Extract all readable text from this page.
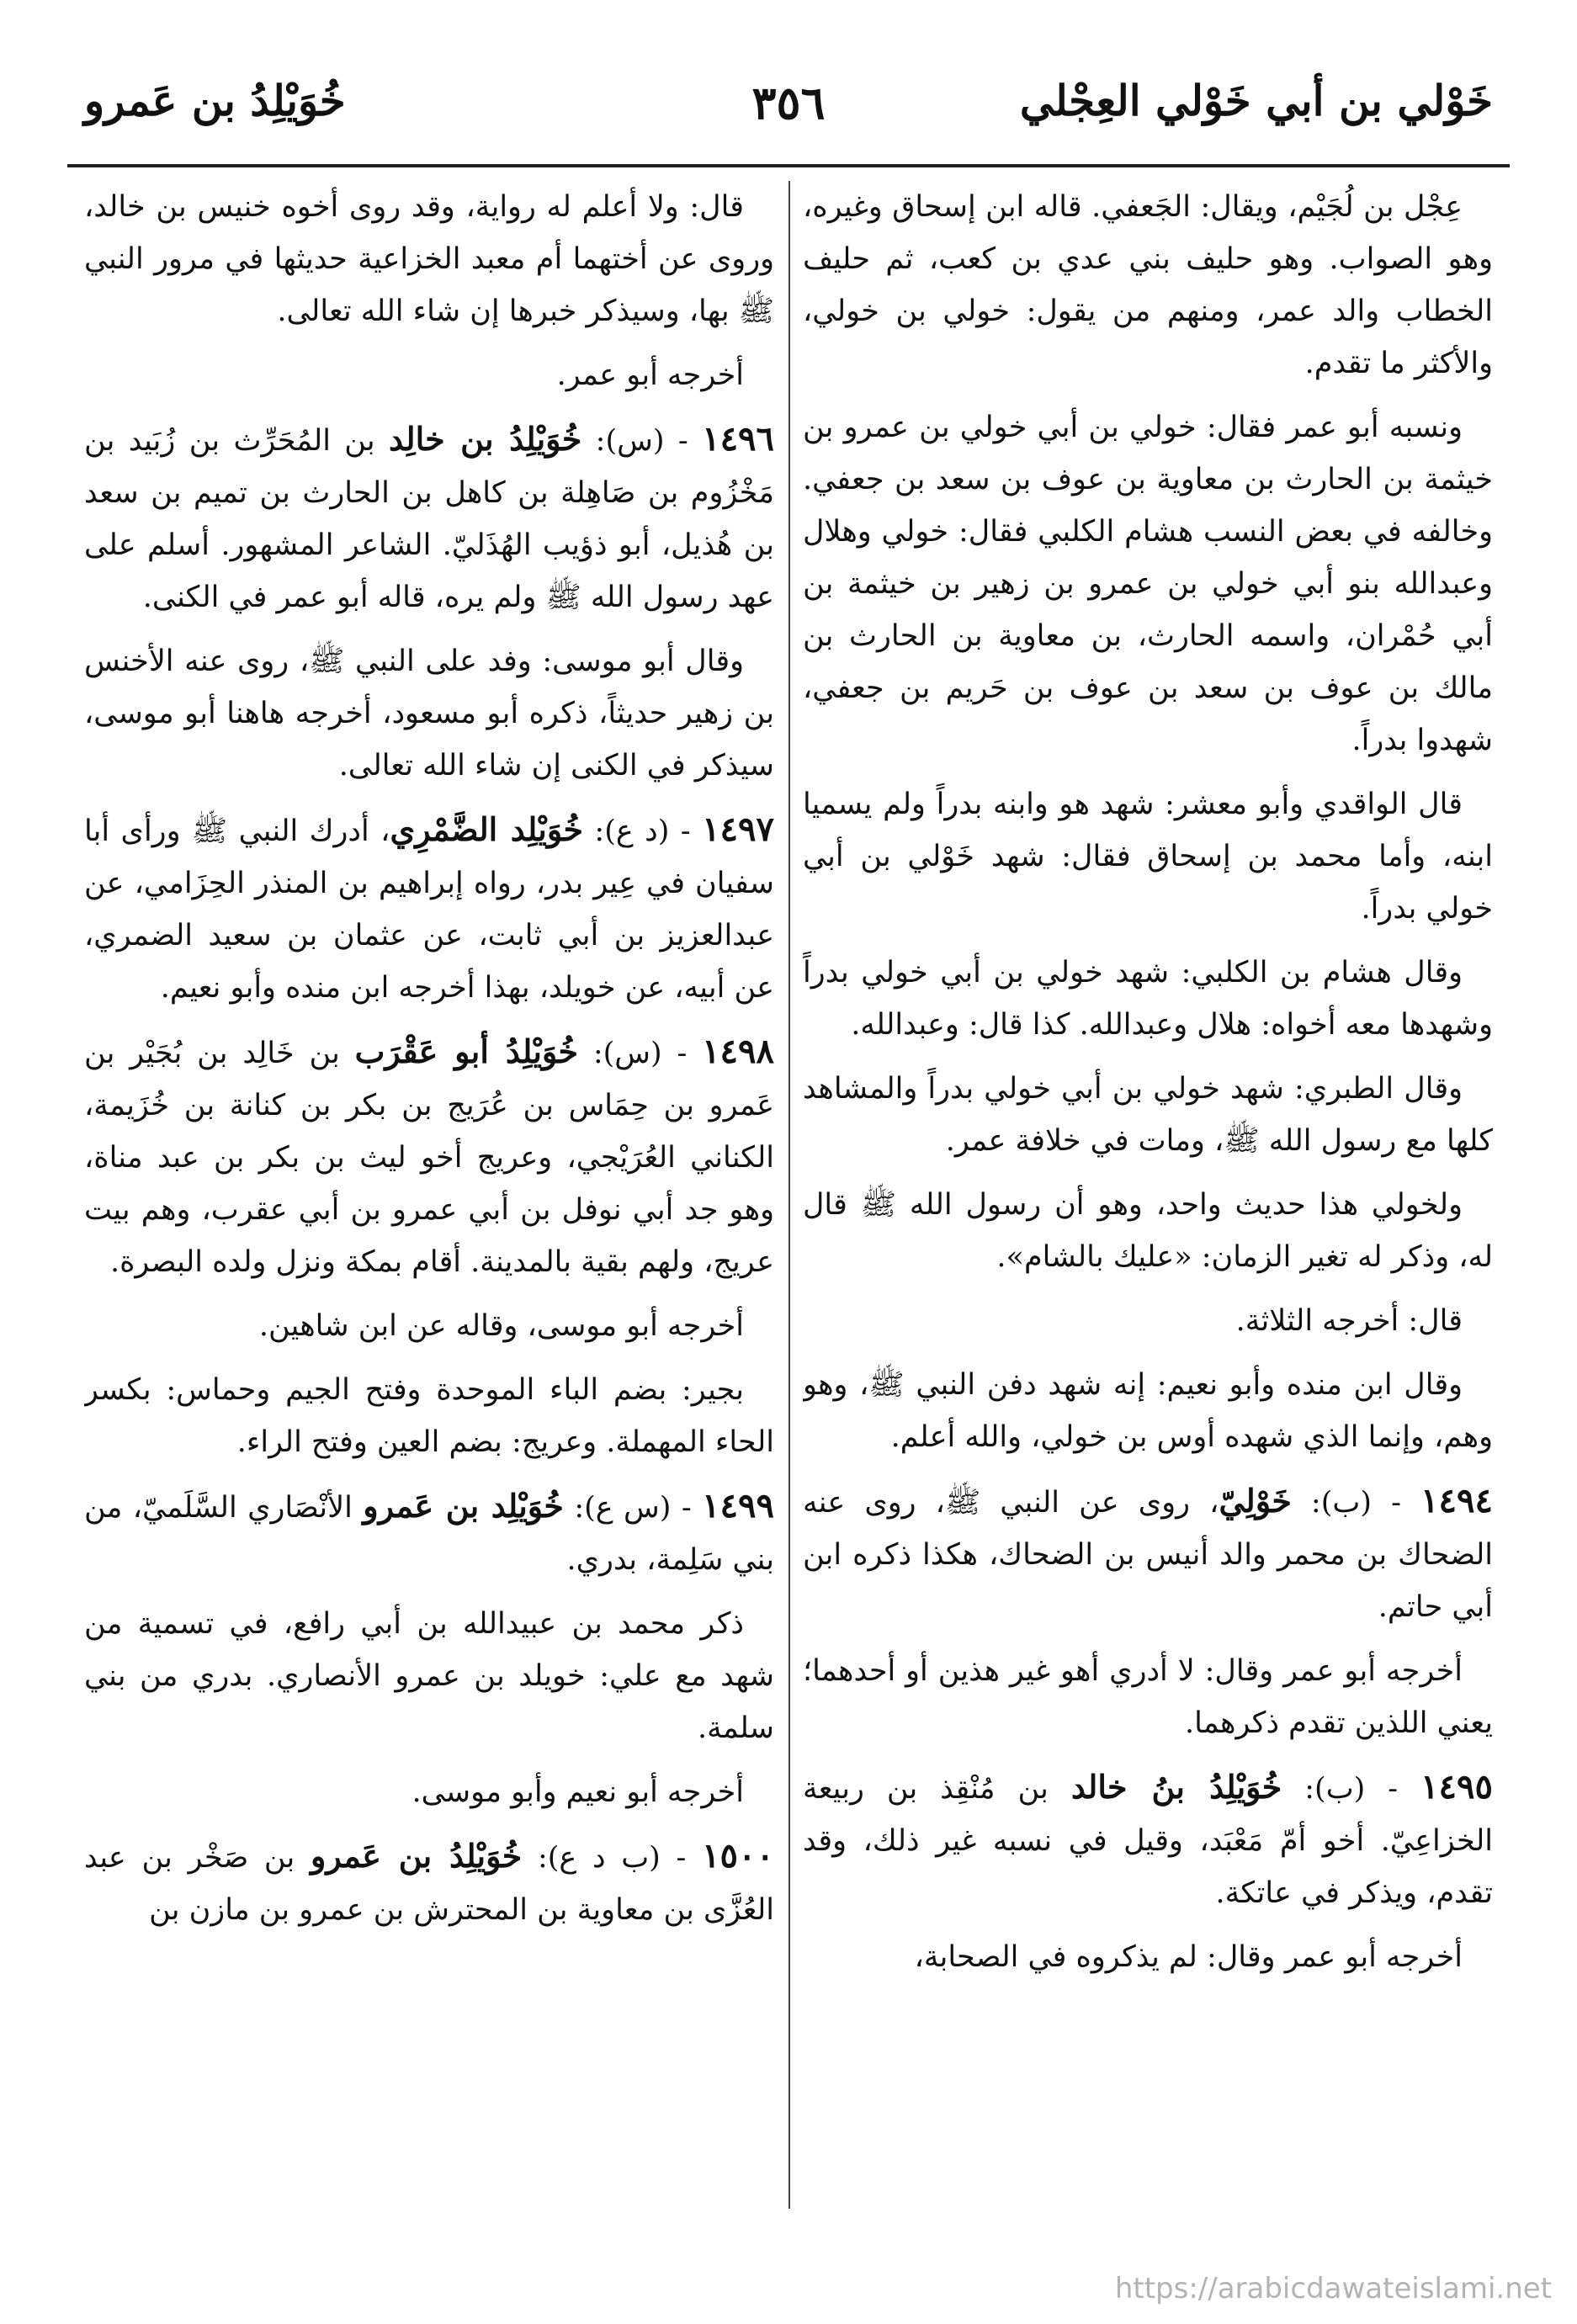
خُوَيْلِدُ بن عَمرو	٣٥٦	خَوْلي بن أبي خَوْلي العِجْلي

عِجْل بن لُجَيْم، ويقال: الجَعفي. قاله ابن إسحاق وغيره، وهو الصواب. وهو حليف بني عدي بن كعب، ثم حليف الخطاب والد عمر، ومنهم من يقول: خولي بن خولي، والأكثر ما تقدم.

ونسبه أبو عمر فقال: خولي بن أبي خولي بن عمرو بن خيثمة بن الحارث بن معاوية بن عوف بن سعد بن جعفي. وخالفه في بعض النسب هشام الكلبي فقال: خولي وهلال وعبدالله بنو أبي خولي بن عمرو بن زهير بن خيثمة بن أبي حُمْران، واسمه الحارث، بن معاوية بن الحارث بن مالك بن عوف بن سعد بن عوف بن حَريم بن جعفي، شهدوا بدراً.

قال الواقدي وأبو معشر: شهد هو وابنه بدراً ولم يسميا ابنه، وأما محمد بن إسحاق فقال: شهد خَوْلي بن أبي خولي بدراً.

وقال هشام بن الكلبي: شهد خولي بن أبي خولي بدراً وشهدها معه أخواه: هلال وعبدالله. كذا قال: وعبدالله.

وقال الطبري: شهد خولي بن أبي خولي بدراً والمشاهد كلها مع رسول الله ﷺ، ومات في خلافة عمر.

ولخولي هذا حديث واحد، وهو أن رسول الله ﷺ قال له، وذكر له تغير الزمان: «عليك بالشام».

قال: أخرجه الثلاثة.

وقال ابن منده وأبو نعيم: إنه شهد دفن النبي ﷺ، وهو وهم، وإنما الذي شهده أوس بن خولي، والله أعلم.

١٤٩٤ - (ب): خَوْلِيّ، روى عن النبي ﷺ، روى عنه الضحاك بن محمر والد أنيس بن الضحاك، هكذا ذكره ابن أبي حاتم.

أخرجه أبو عمر وقال: لا أدري أهو غير هذين أو أحدهما؛ يعني اللذين تقدم ذكرهما.

١٤٩٥ - (ب): خُوَيْلِدُ بنُ خالد بن مُنْقِذ بن ربيعة الخزاعِيّ. أخو أمّ مَعْبَد، وقيل في نسبه غير ذلك، وقد تقدم، ويذكر في عاتكة.

أخرجه أبو عمر وقال: لم يذكروه في الصحابة،

قال: ولا أعلم له رواية، وقد روى أخوه خنيس بن خالد، وروى عن أختهما أم معبد الخزاعية حديثها في مرور النبي ﷺ بها، وسيذكر خبرها إن شاء الله تعالى.

أخرجه أبو عمر.

١٤٩٦ - (س): خُوَيْلِدُ بن خالِد بن المُحَرِّث بن زُبَيد بن مَخْزُوم بن صَاهِلة بن كاهل بن الحارث بن تميم بن سعد بن هُذيل، أبو ذؤيب الهُذَليّ. الشاعر المشهور. أسلم على عهد رسول الله ﷺ ولم يره، قاله أبو عمر في الكنى.

وقال أبو موسى: وفد على النبي ﷺ، روى عنه الأخنس بن زهير حديثاً، ذكره أبو مسعود، أخرجه هاهنا أبو موسى، سيذكر في الكنى إن شاء الله تعالى.

١٤٩٧ - (د ع): خُوَيْلِد الضَّمْرِي، أدرك النبي ﷺ ورأى أبا سفيان في عِير بدر، رواه إبراهيم بن المنذر الحِزَامي، عن عبدالعزيز بن أبي ثابت، عن عثمان بن سعيد الضمري، عن أبيه، عن خويلد، بهذا أخرجه ابن منده وأبو نعيم.

١٤٩٨ - (س): خُوَيْلِدُ أبو عَقْرَب بن خَالِد بن بُجَيْر بن عَمرو بن حِمَاس بن عُرَيج بن بكر بن كنانة بن خُزَيمة، الكناني العُرَيْجي، وعريج أخو ليث بن بكر بن عبد مناة، وهو جد أبي نوفل بن أبي عمرو بن أبي عقرب، وهم بيت عريج، ولهم بقية بالمدينة. أقام بمكة ونزل ولده البصرة.

أخرجه أبو موسى، وقاله عن ابن شاهين.

بجير: بضم الباء الموحدة وفتح الجيم وحماس: بكسر الحاء المهملة. وعريج: بضم العين وفتح الراء.

١٤٩٩ - (س ع): خُوَيْلِد بن عَمرو الأنْصَاري السَّلَميّ، من بني سَلِمة، بدري.

ذكر محمد بن عبيدالله بن أبي رافع، في تسمية من شهد مع علي: خويلد بن عمرو الأنصاري. بدري من بني سلمة.

أخرجه أبو نعيم وأبو موسى.

١٥٠٠ - (ب د ع): خُوَيْلِدُ بن عَمرو بن صَخْر بن عبد العُزَّى بن معاوية بن المحترش بن عمرو بن مازن بن

https://arabicdawateislami.net
